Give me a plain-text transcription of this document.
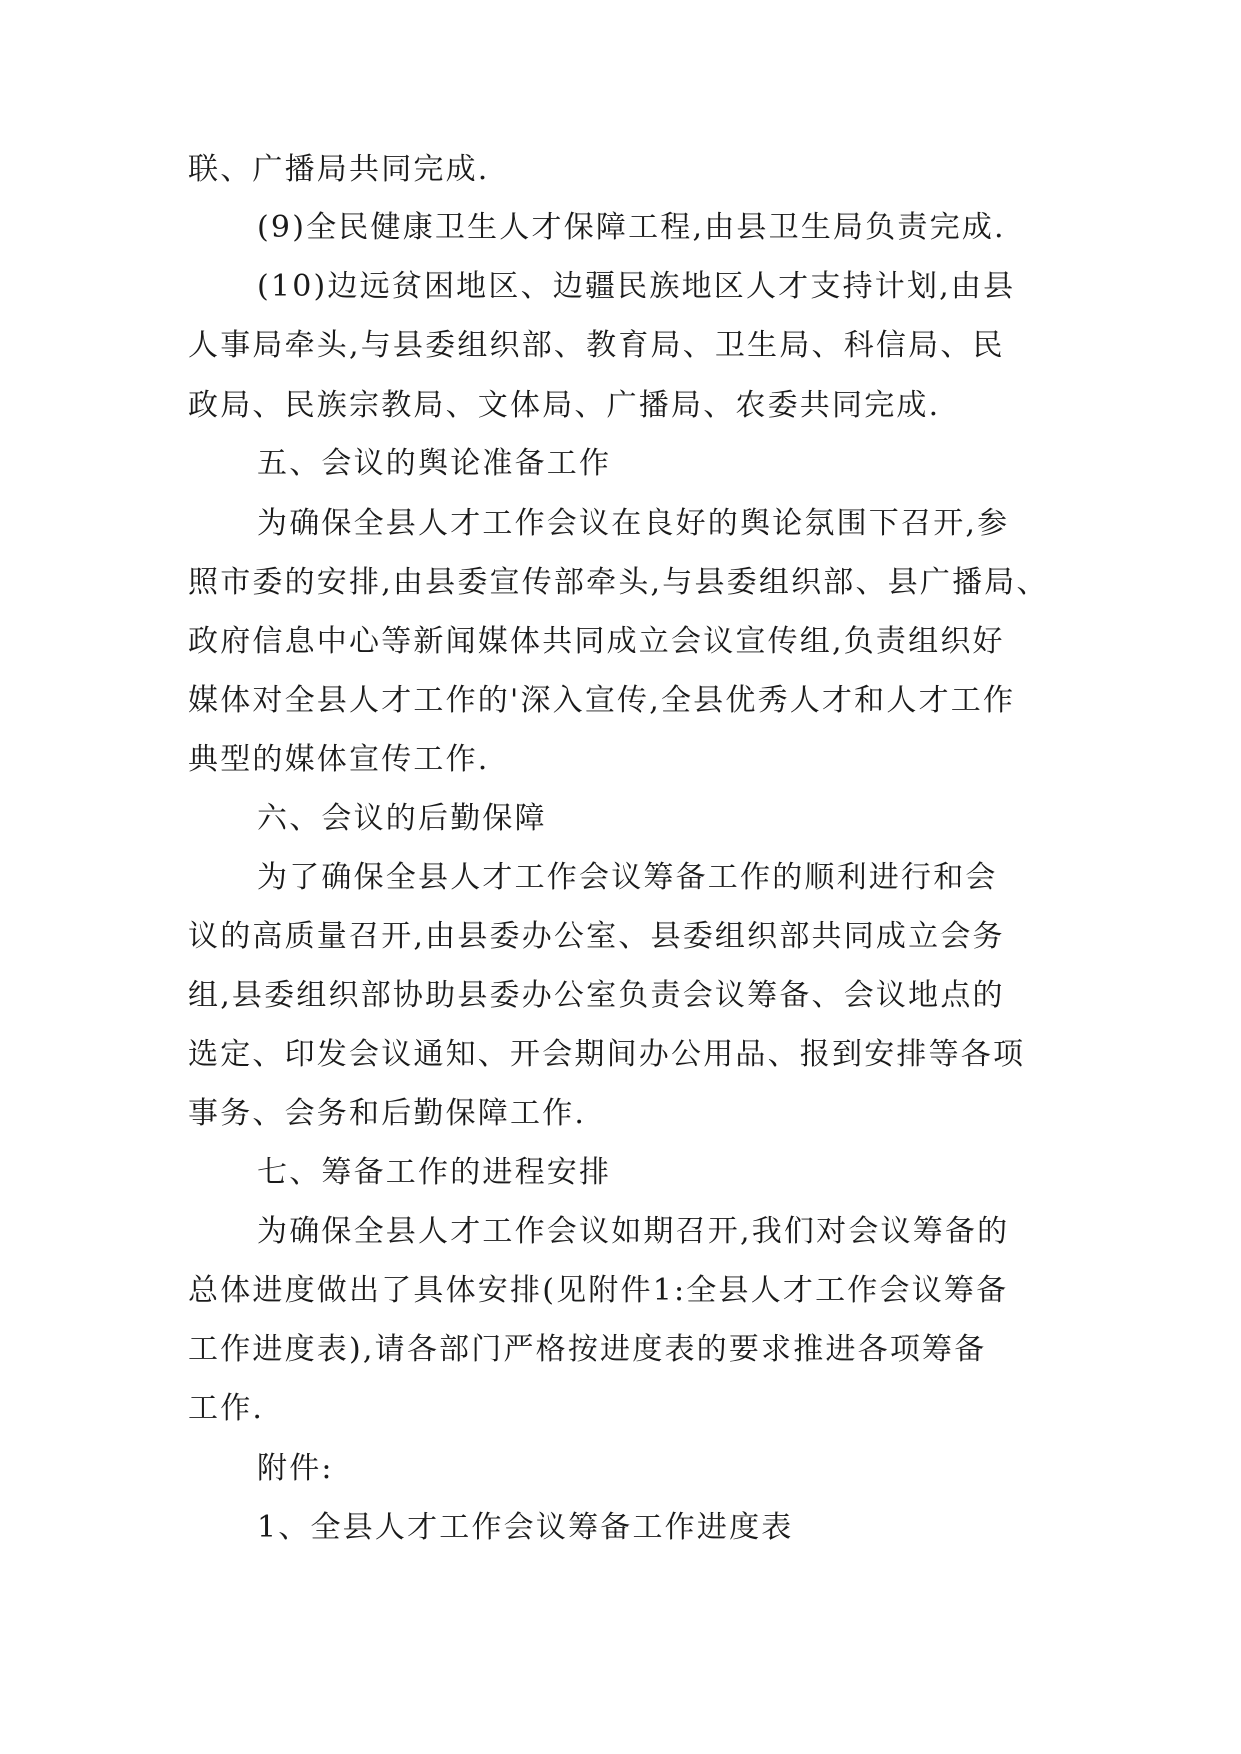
联、广播局共同完成.
(9)全民健康卫生人才保障工程,由县卫生局负责完成.
(10)边远贫困地区、边疆民族地区人才支持计划,由县
人事局牵头,与县委组织部、教育局、卫生局、科信局、民
政局、民族宗教局、文体局、广播局、农委共同完成.
五、会议的舆论准备工作
为确保全县人才工作会议在良好的舆论氛围下召开,参
照市委的安排,由县委宣传部牵头,与县委组织部、县广播局、
政府信息中心等新闻媒体共同成立会议宣传组,负责组织好
媒体对全县人才工作的'深入宣传,全县优秀人才和人才工作
典型的媒体宣传工作.
六、会议的后勤保障
为了确保全县人才工作会议筹备工作的顺利进行和会
议的高质量召开,由县委办公室、县委组织部共同成立会务
组,县委组织部协助县委办公室负责会议筹备、会议地点的
选定、印发会议通知、开会期间办公用品、报到安排等各项
事务、会务和后勤保障工作.
七、筹备工作的进程安排
为确保全县人才工作会议如期召开,我们对会议筹备的
总体进度做出了具体安排(见附件1:全县人才工作会议筹备
工作进度表),请各部门严格按进度表的要求推进各项筹备
工作.
附件:
1、全县人才工作会议筹备工作进度表
